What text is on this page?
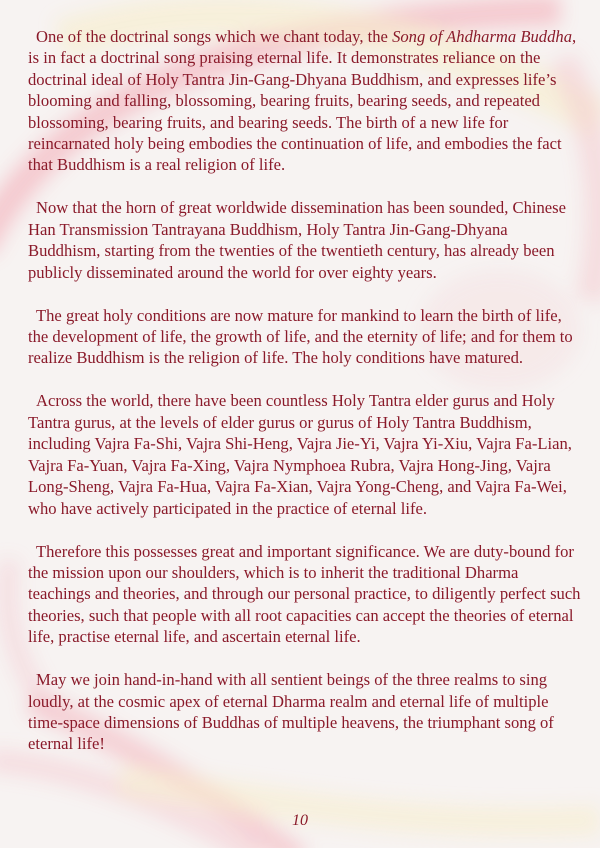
One of the doctrinal songs which we chant today, the Song of Ahdharma Buddha, is in fact a doctrinal song praising eternal life. It demonstrates reliance on the doctrinal ideal of Holy Tantra Jin-Gang-Dhyana Buddhism, and expresses life’s blooming and falling, blossoming, bearing fruits, bearing seeds, and repeated blossoming, bearing fruits, and bearing seeds. The birth of a new life for reincarnated holy being embodies the continuation of life, and embodies the fact that Buddhism is a real religion of life.

Now that the horn of great worldwide dissemination has been sounded, Chinese Han Transmission Tantrayana Buddhism, Holy Tantra Jin-Gang-Dhyana Buddhism, starting from the twenties of the twentieth century, has already been publicly disseminated around the world for over eighty years.

The great holy conditions are now mature for mankind to learn the birth of life, the development of life, the growth of life, and the eternity of life; and for them to realize Buddhism is the religion of life. The holy conditions have matured.

Across the world, there have been countless Holy Tantra elder gurus and Holy Tantra gurus, at the levels of elder gurus or gurus of Holy Tantra Buddhism, including Vajra Fa-Shi, Vajra Shi-Heng, Vajra Jie-Yi, Vajra Yi-Xiu, Vajra Fa-Lian, Vajra Fa-Yuan, Vajra Fa-Xing, Vajra Nymphoea Rubra, Vajra Hong-Jing, Vajra Long-Sheng, Vajra Fa-Hua, Vajra Fa-Xian, Vajra Yong-Cheng, and Vajra Fa-Wei, who have actively participated in the practice of eternal life.

Therefore this possesses great and important significance. We are duty-bound for the mission upon our shoulders, which is to inherit the traditional Dharma teachings and theories, and through our personal practice, to diligently perfect such theories, such that people with all root capacities can accept the theories of eternal life, practise eternal life, and ascertain eternal life.

May we join hand-in-hand with all sentient beings of the three realms to sing loudly, at the cosmic apex of eternal Dharma realm and eternal life of multiple time-space dimensions of Buddhas of multiple heavens, the triumphant song of eternal life!

10
